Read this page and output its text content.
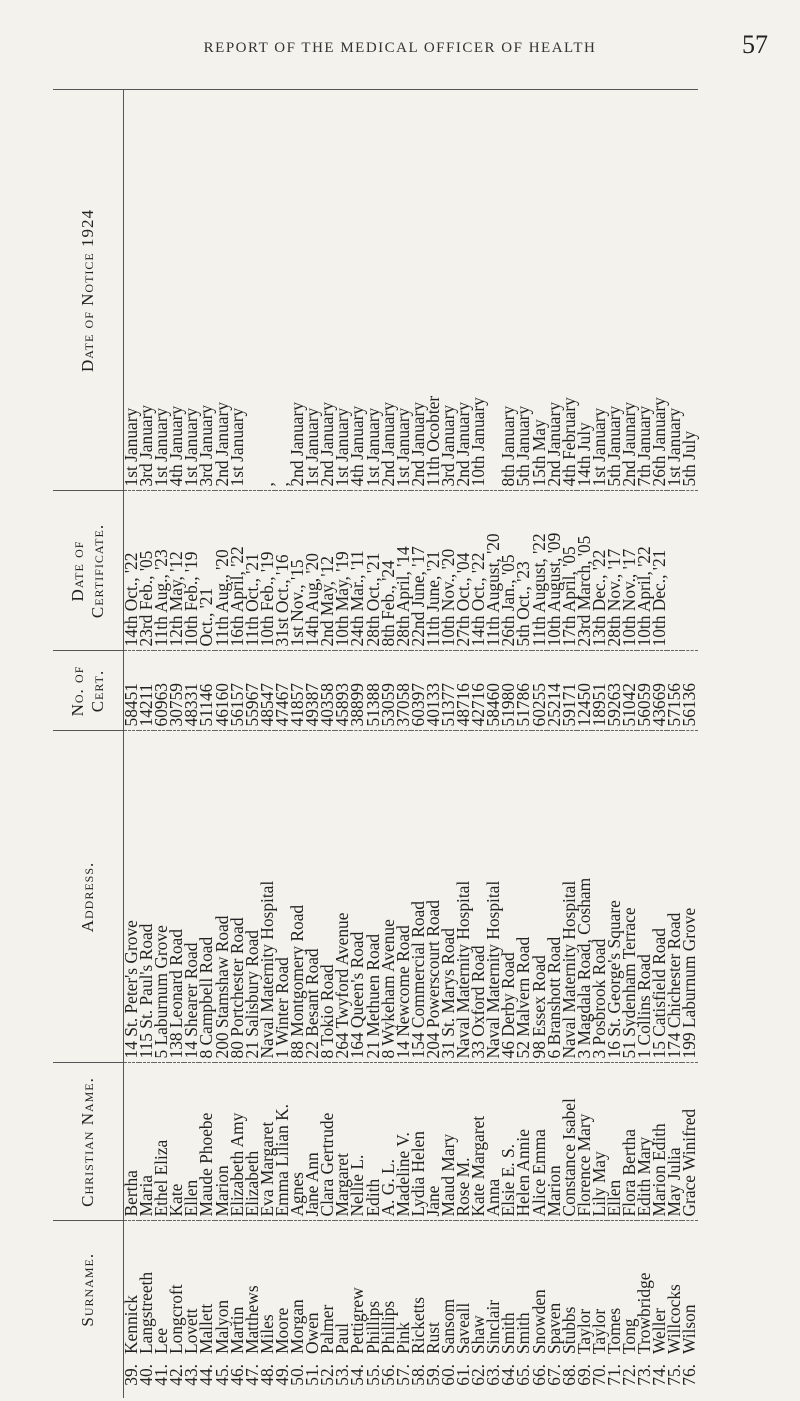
REPORT OF THE MEDICAL OFFICER OF HEALTH	57
	Surname.	Christian Name.	Address.	No. of Cert.	Date of Certificate.	Date of Notice 1924
39.	Kennick	Bertha	14 St. Peter's Grove	58451	14th Oct., '22	1st January
40.	Langstreeth	Maria	115 St. Paul's Road	14211	23rd Feb., '05	3rd January
41.	Lee	Ethel Eliza	5 Laburnum Grove	60963	11th Aug., '23	1st January
42.	Longcroft	Kate	138 Leonard Road	30759	12th May, '12	4th January
43.	Lovett	Ellen	14 Shearer Road	48331	10th Feb., '19	1st January
44.	Mallett	Maude Phoebe	8 Campbell Road	51146	Oct., '21	3rd January
45.	Malyon	Marion	200 Stamshaw Road	46160	11th Aug., '20	2nd January
46.	Martin	Elizabeth Amy	80 Portchester Road	56157	16th April, '22	1st January
47.	Matthews	Elizabeth	21 Salisbury Road	55967	11th Oct., '21	
48.	Miles	Eva Margaret	Naval Maternity Hospital	48547	10th Feb., '19	,
49.	Moore	Emma Lilian K.	1 Winter Road	47467	31st Oct., '16	,
50.	Morgan	Agnes	88 Montgomery Road	41857	1st Nov., '15	2nd January
51.	Owen	Jane Ann	22 Besant Road	49387	14th Aug, '20	1st January
52.	Palmer	Clara Gertrude	8 Tokio Road	40358	2nd May, '12	2nd January
53.	Paul	Margaret	264 Twyford Avenue	45893	10th May, '19	1st January
54.	Pettigrew	Nellie L.	164 Queen's Road	38899	24th Mar., '11	4th January
55.	Phillips	Edith	21 Methuen Road	51388	28th Oct., '21	1st January
56.	Phillips	A. G. L.	8 Wykeham Avenue	53059	8th Feb., '24	2nd January
57.	Pink	Madeline V.	14 Newcome Road	37058	28th April, '14	1st January
58.	Ricketts	Lydia Helen	154 Commercial Road	60397	22nd June, '17	2nd January
59.	Rust	Jane	204 Powerscourt Road	40133	11th June, '21	11th Ocobter
60.	Sansom	Maud Mary	31 St. Marys Road	51377	10th Nov., '20	3rd January
61.	Saveall	Rose M.	Naval Maternity Hospital	48716	27th Oct., '04	2nd January
62.	Shaw	Kate Margaret	33 Oxford Road	42716	14th Oct., '22	10th January
63.	Sinclair	Anna	Naval Maternity Hospital	58460	11th August, '20	
64.	Smith	Elsie E. S.	46 Derby Road	51980	26th Jan., '05	8th January
65.	Smith	Helen Annie	52 Malvern Road	51786	5th Oct., '23	5th January
66.	Snowden	Alice Emma	98 Essex Road	60255	11th August, '22	15th May
67.	Spaven	Marion	6 Branshott Road	25214	10th August, '09	2nd January
68.	Stubbs	Constance Isabel	Naval Maternity Hospital	59171	17th April, '05	4th February
69.	Taylor	Florence Mary	3 Magdala Road, Cosham	12450	23rd March, '05	14th July
70.	Taylor	Lily May	3 Posbrook Road	18951	13th Dec., '22	1st January
71.	Tomes	Ellen	16 St. George's Square	59263	28th Nov., '17	5th January
72.	Tong	Flora Bertha	51 Sydenham Terrace	51042	10th Nov., '17	2nd Jaunary
73.	Trowbridge	Edith Mary	1 Collins Road	56059	10th April, '22	7th January
74.	Weller	Marion Edith	15 Catisfield Road	43669	10th Dec., '21	26th January
75.	Willcocks	May Julia	174 Chichester Road	57156		1st January
76.	Wilson	Grace Winifred	199 Laburnum Grove	56136		5th July
